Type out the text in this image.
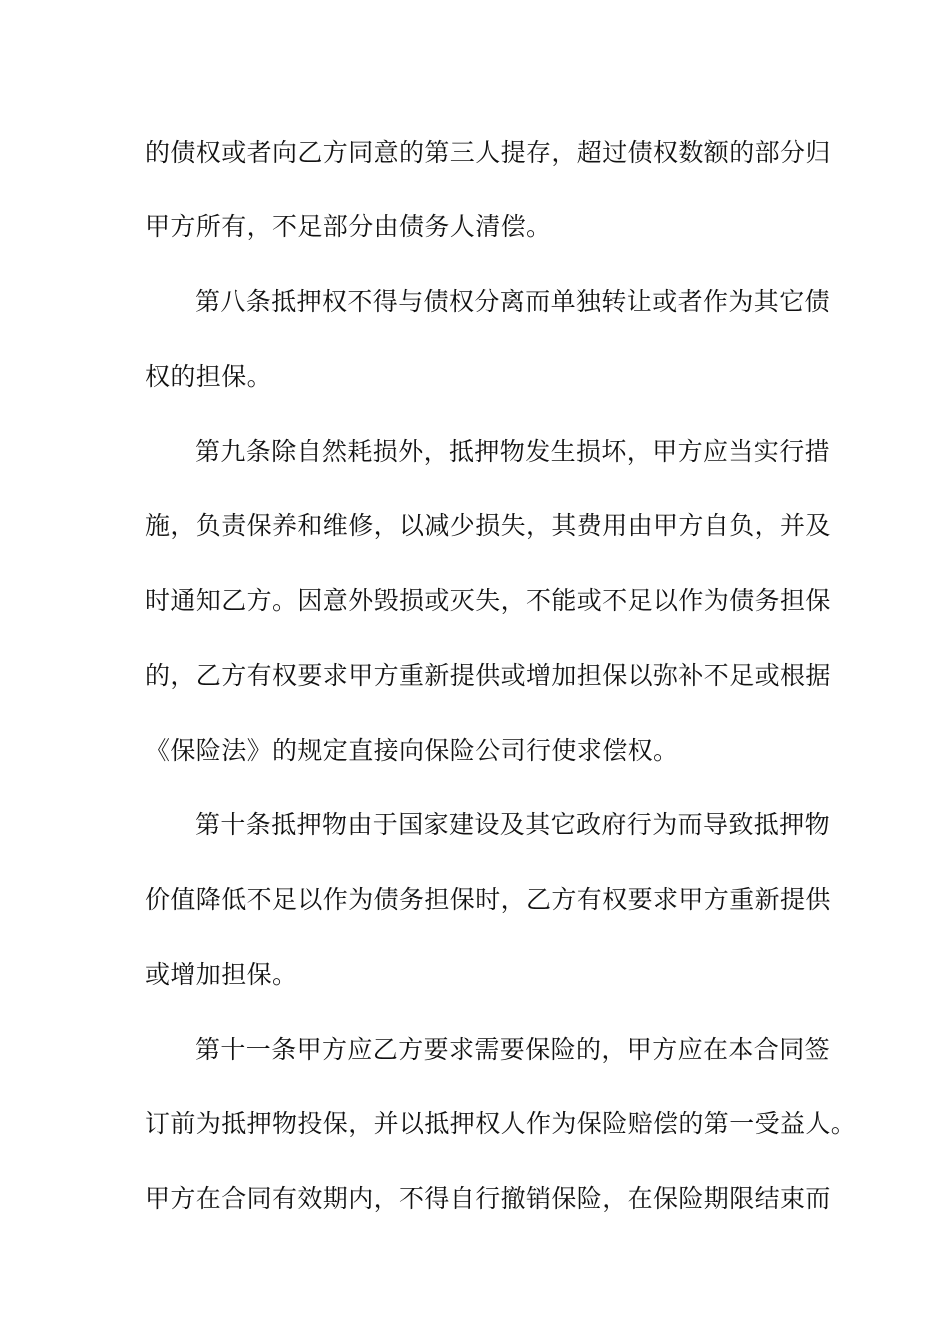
的债权或者向乙方同意的第三人提存，超过债权数额的部分归
甲方所有，不足部分由债务人清偿。
第八条抵押权不得与债权分离而单独转让或者作为其它债
权的担保。
第九条除自然耗损外，抵押物发生损坏，甲方应当实行措
施，负责保养和维修，以减少损失，其费用由甲方自负，并及
时通知乙方。因意外毁损或灭失，不能或不足以作为债务担保
的，乙方有权要求甲方重新提供或增加担保以弥补不足或根据
《保险法》的规定直接向保险公司行使求偿权。
第十条抵押物由于国家建设及其它政府行为而导致抵押物
价值降低不足以作为债务担保时，乙方有权要求甲方重新提供
或增加担保。
第十一条甲方应乙方要求需要保险的，甲方应在本合同签
订前为抵押物投保，并以抵押权人作为保险赔偿的第一受益人。
甲方在合同有效期内，不得自行撤销保险，在保险期限结束而
